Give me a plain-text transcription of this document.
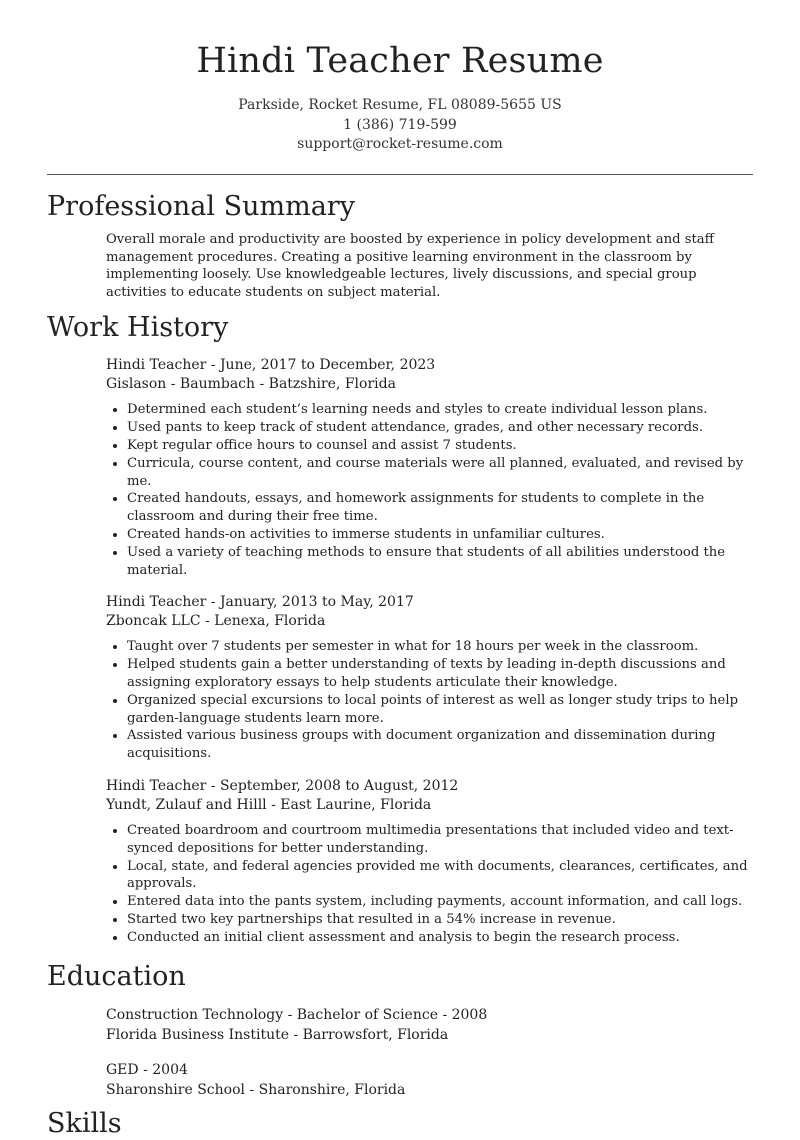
Hindi Teacher Resume
Parkside, Rocket Resume, FL 08089-5655 US
1 (386) 719-599
support@rocket-resume.com
Professional Summary
Overall morale and productivity are boosted by experience in policy development and staff management procedures. Creating a positive learning environment in the classroom by implementing loosely. Use knowledgeable lectures, lively discussions, and special group activities to educate students on subject material.
Work History
Hindi Teacher - June, 2017 to December, 2023
Gislason - Baumbach - Batzshire, Florida
• Determined each student’s learning needs and styles to create individual lesson plans.
• Used pants to keep track of student attendance, grades, and other necessary records.
• Kept regular office hours to counsel and assist 7 students.
• Curricula, course content, and course materials were all planned, evaluated, and revised by me.
• Created handouts, essays, and homework assignments for students to complete in the classroom and during their free time.
• Created hands-on activities to immerse students in unfamiliar cultures.
• Used a variety of teaching methods to ensure that students of all abilities understood the material.
Hindi Teacher - January, 2013 to May, 2017
Zboncak LLC - Lenexa, Florida
• Taught over 7 students per semester in what for 18 hours per week in the classroom.
• Helped students gain a better understanding of texts by leading in-depth discussions and assigning exploratory essays to help students articulate their knowledge.
• Organized special excursions to local points of interest as well as longer study trips to help garden-language students learn more.
• Assisted various business groups with document organization and dissemination during acquisitions.
Hindi Teacher - September, 2008 to August, 2012
Yundt, Zulauf and Hilll - East Laurine, Florida
• Created boardroom and courtroom multimedia presentations that included video and text-synced depositions for better understanding.
• Local, state, and federal agencies provided me with documents, clearances, certificates, and approvals.
• Entered data into the pants system, including payments, account information, and call logs.
• Started two key partnerships that resulted in a 54% increase in revenue.
• Conducted an initial client assessment and analysis to begin the research process.
Education
Construction Technology - Bachelor of Science - 2008
Florida Business Institute - Barrowsfort, Florida
GED - 2004
Sharonshire School - Sharonshire, Florida
Skills
